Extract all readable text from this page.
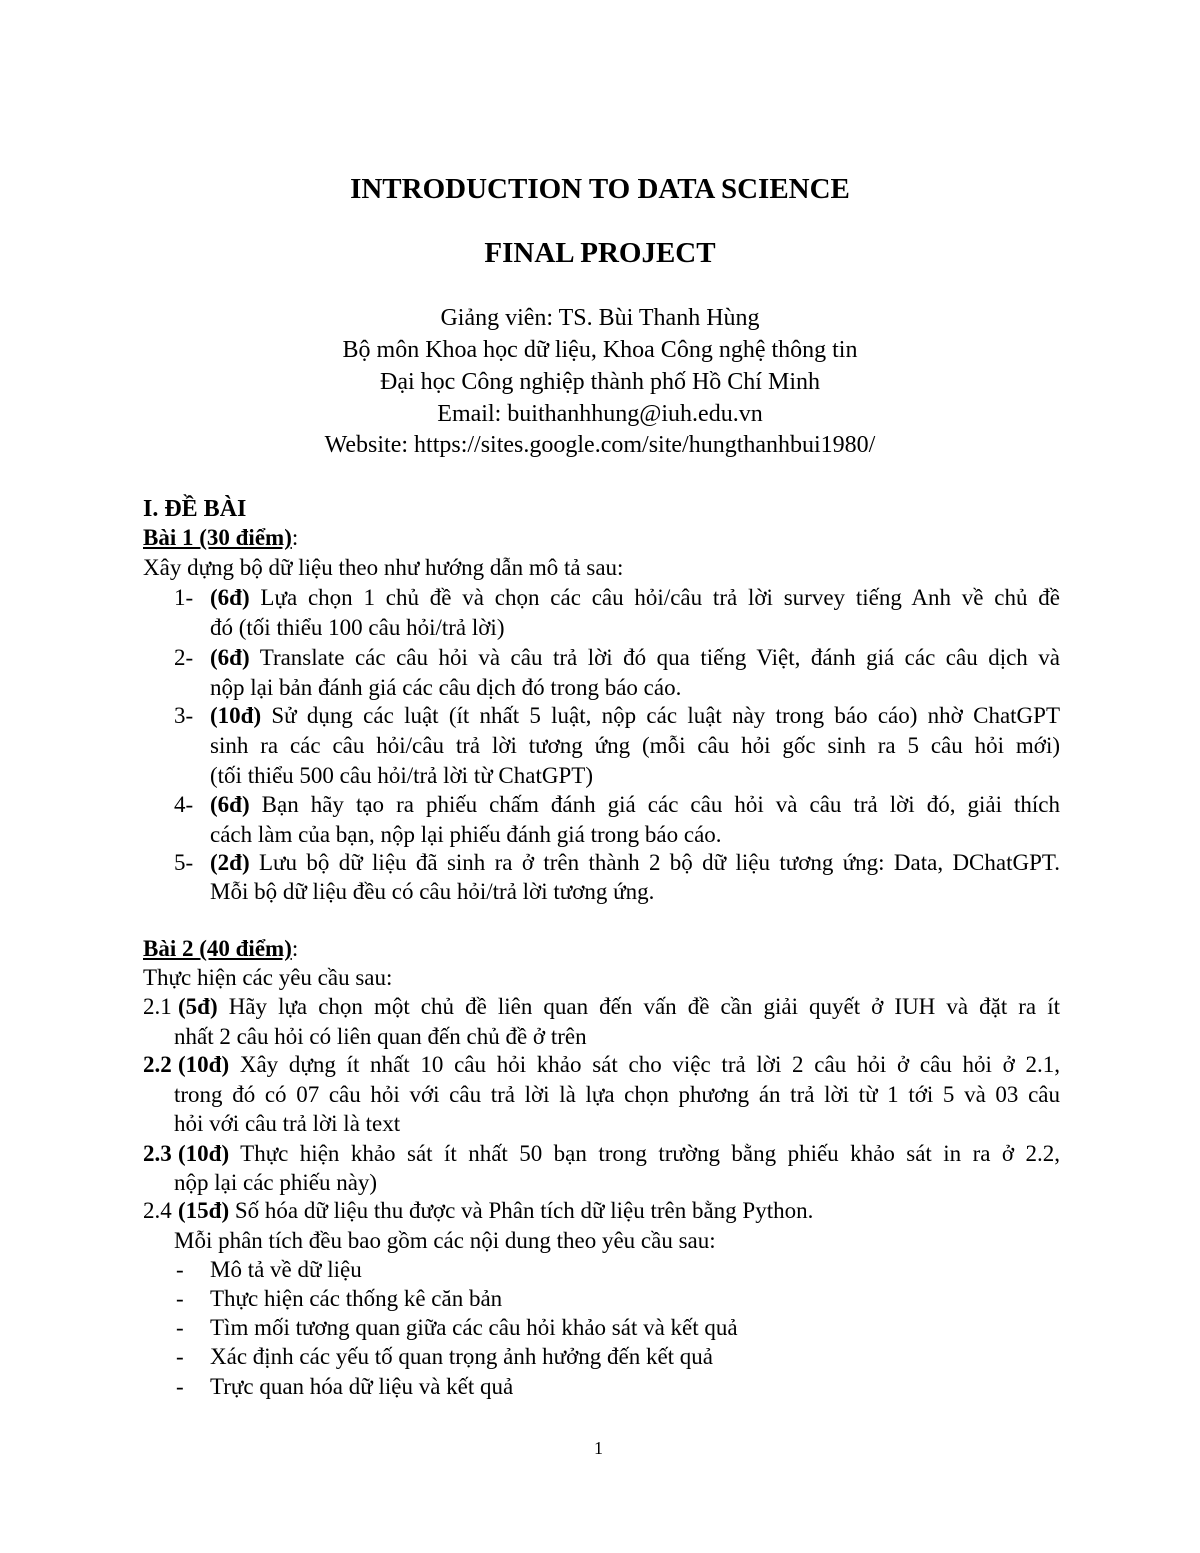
INTRODUCTION TO DATA SCIENCE
FINAL PROJECT
Giảng viên: TS. Bùi Thanh Hùng
Bộ môn Khoa học dữ liệu, Khoa Công nghệ thông tin
Đại học Công nghiệp thành phố Hồ Chí Minh
Email: buithanhhung@iuh.edu.vn
Website: https://sites.google.com/site/hungthanhbui1980/
I. ĐỀ BÀI
Bài 1 (30 điểm):
Xây dựng bộ dữ liệu theo như hướng dẫn mô tả sau:
1- (6đ) Lựa chọn 1 chủ đề và chọn các câu hỏi/câu trả lời survey tiếng Anh về chủ đề
đó (tối thiểu 100 câu hỏi/trả lời)
2- (6đ) Translate các câu hỏi và câu trả lời đó qua tiếng Việt, đánh giá các câu dịch và
nộp lại bản đánh giá các câu dịch đó trong báo cáo.
3- (10đ) Sử dụng các luật (ít nhất 5 luật, nộp các luật này trong báo cáo) nhờ ChatGPT
sinh ra các câu hỏi/câu trả lời tương ứng (mỗi câu hỏi gốc sinh ra 5 câu hỏi mới)
(tối thiểu 500 câu hỏi/trả lời từ ChatGPT)
4- (6đ) Bạn hãy tạo ra phiếu chấm đánh giá các câu hỏi và câu trả lời đó, giải thích
cách làm của bạn, nộp lại phiếu đánh giá trong báo cáo.
5- (2đ) Lưu bộ dữ liệu đã sinh ra ở trên thành 2 bộ dữ liệu tương ứng: Data, DChatGPT.
Mỗi bộ dữ liệu đều có câu hỏi/trả lời tương ứng.
Bài 2 (40 điểm):
Thực hiện các yêu cầu sau:
2.1 (5đ) Hãy lựa chọn một chủ đề liên quan đến vấn đề cần giải quyết ở IUH và đặt ra ít
nhất 2 câu hỏi có liên quan đến chủ đề ở trên
2.2 (10đ) Xây dựng ít nhất 10 câu hỏi khảo sát cho việc trả lời 2 câu hỏi ở câu hỏi ở 2.1,
trong đó có 07 câu hỏi với câu trả lời là lựa chọn phương án trả lời từ 1 tới 5 và 03 câu
hỏi với câu trả lời là text
2.3 (10đ) Thực hiện khảo sát ít nhất 50 bạn trong trường bằng phiếu khảo sát in ra ở 2.2,
nộp lại các phiếu này)
2.4 (15đ) Số hóa dữ liệu thu được và Phân tích dữ liệu trên bằng Python.
Mỗi phân tích đều bao gồm các nội dung theo yêu cầu sau:
- Mô tả về dữ liệu
- Thực hiện các thống kê căn bản
- Tìm mối tương quan giữa các câu hỏi khảo sát và kết quả
- Xác định các yếu tố quan trọng ảnh hưởng đến kết quả
- Trực quan hóa dữ liệu và kết quả
1
